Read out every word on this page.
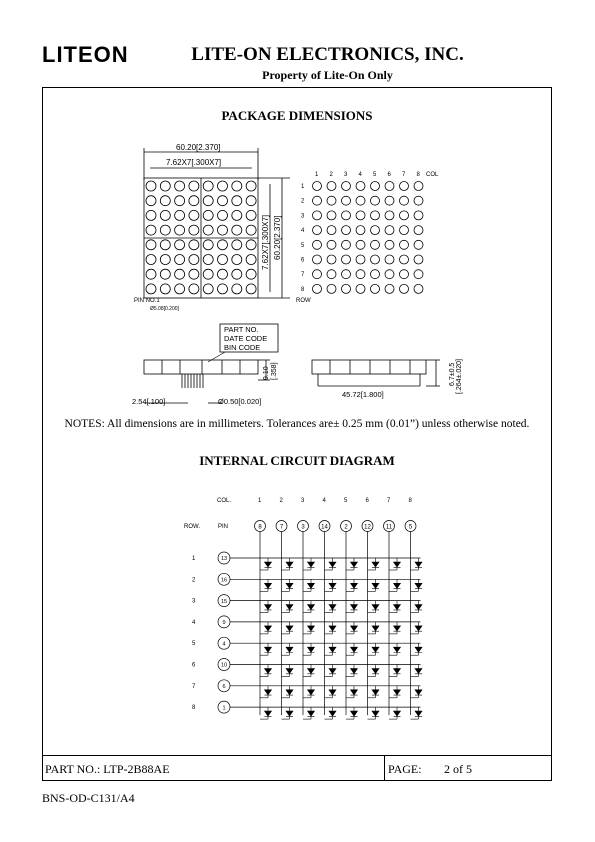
LITEON	LITE-ON ELECTRONICS, INC.
Property of Lite-On Only
PACKAGE DIMENSIONS
60.20[2.370]
7.62X7[.300X7]
7.62X7[.300X7] 60.20[2.370]
PIN NO.1
Ø5.08[0.200]
COL
ROW
1 2 3 4 5 6 7 8
1
2
3
4
5
6
7
8
PART NO.
DATE CODE
BIN CODE
9.10 [.358]
2.54[.100]	Ø0.50[0.020]
45.72[1.800]
6.7±0.5 [.264±.020]
NOTES: All dimensions are in millimeters. Tolerances are± 0.25 mm (0.01”) unless otherwise noted.
INTERNAL CIRCUIT DIAGRAM
COL.
ROW.	PIN
1
8
2
7
3
3
4
14
5
2
6
12
7
11
8
5
1	13
2	16
3	15
4	9
5	4
6	10
7	6
8	1
PART NO.: LTP-2B88AE	PAGE: 2 of 5
BNS-OD-C131/A4
